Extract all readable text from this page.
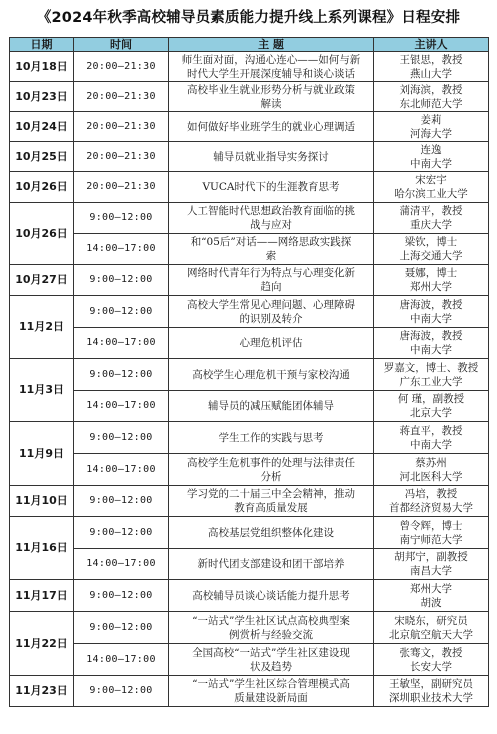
《2024年秋季高校辅导员素质能力提升线上系列课程》日程安排
日期	时间	主 题	主讲人
10月18日	20:00–21:30	师生面对面，沟通心连心——如何与新
时代大学生开展深度辅导和谈心谈话	王银思，教授
燕山大学

10月23日	20:00–21:30	高校毕业生就业形势分析与就业政策
解读	刘海滨，教授
东北师范大学

10月24日	20:00–21:30	如何做好毕业班学生的就业心理调适	姜莉
河海大学

10月25日	20:00–21:30	辅导员就业指导实务探讨	连逸
中南大学

10月26日	20:00–21:30	VUCA时代下的生涯教育思考	宋宏宇
哈尔滨工业大学

10月26日	9:00–12:00	人工智能时代思想政治教育面临的挑
战与应对	蒲清平，教授
重庆大学

	14:00–17:00	和“05后”对话——网络思政实践探
索	梁钦，博士
上海交通大学

10月27日	9:00–12:00	网络时代青年行为特点与心理变化新
趋向	聂娜，博士
郑州大学

11月2日	9:00–12:00	高校大学生常见心理问题、心理障碍
的识别及转介	唐海波，教授
中南大学

	14:00–17:00	心理危机评估	唐海波，教授
中南大学

11月3日	9:00–12:00	高校学生心理危机干预与家校沟通	罗嘉文，博士、教授
广东工业大学

	14:00–17:00	辅导员的减压赋能团体辅导	何 瑾，副教授
北京大学

11月9日	9:00–12:00	学生工作的实践与思考	蒋直平，教授
中南大学

	14:00–17:00	高校学生危机事件的处理与法律责任
分析	蔡苏州
河北医科大学

11月10日	9:00–12:00	学习党的二十届三中全会精神，推动
教育高质量发展	冯培，教授
首都经济贸易大学

11月16日	9:00–12:00	高校基层党组织整体化建设	曾令辉，博士
南宁师范大学

	14:00–17:00	新时代团支部建设和团干部培养	胡邦宁，副教授
南昌大学

11月17日	9:00–12:00	高校辅导员谈心谈话能力提升思考	郑州大学
胡波

11月22日	9:00–12:00	“一站式”学生社区试点高校典型案
例赏析与经验交流	宋晓东，研究员
北京航空航天大学

	14:00–17:00	全国高校“一站式”学生社区建设现
状及趋势	张骞文，教授
长安大学

11月23日	9:00–12:00	“一站式”学生社区综合管理模式高
质量建设新局面	王敏坚，副研究员
深圳职业技术大学
